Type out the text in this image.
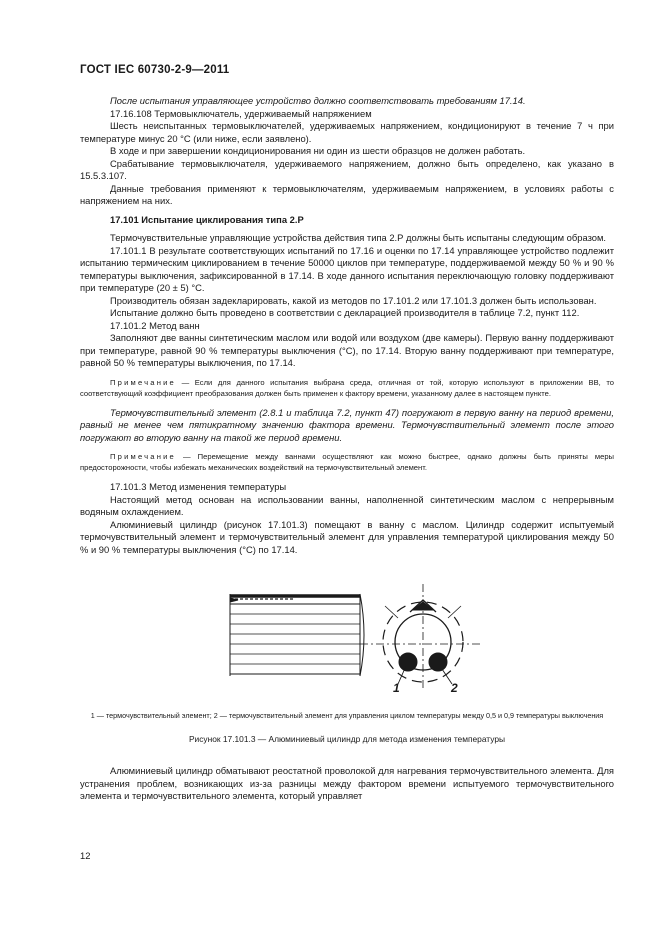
ГОСТ IEC 60730-2-9—2011

После испытания управляющее устройство должно соответствовать требованиям 17.14.

17.16.108 Термовыключатель, удерживаемый напряжением

Шесть неиспытанных термовыключателей, удерживаемых напряжением, кондиционируют в течение 7 ч при температуре минус 20 °С (или ниже, если заявлено).

В ходе и при завершении кондиционирования ни один из шести образцов не должен работать.

Срабатывание термовыключателя, удерживаемого напряжением, должно быть определено, как указано в 15.5.3.107.

Данные требования применяют к термовыключателям, удерживаемым напряжением, в условиях работы с напряжением на них.

17.101 Испытание циклирования типа 2.Р

Термочувствительные управляющие устройства действия типа 2.Р должны быть испытаны следующим образом.

17.101.1 В результате соответствующих испытаний по 17.16 и оценки по 17.14 управляющее устройство подлежит испытанию термическим циклированием в течение 50000 циклов при температуре, поддерживаемой между 50 % и 90 % температуры выключения, зафиксированной в 17.14. В ходе данного испытания переключающую головку поддерживают при температуре (20 ± 5) °С.

Производитель обязан задекларировать, какой из методов по 17.101.2 или 17.101.3 должен быть использован.

Испытание должно быть проведено в соответствии с декларацией производителя в таблице 7.2, пункт 112.

17.101.2 Метод ванн

Заполняют две ванны синтетическим маслом или водой или воздухом (две камеры). Первую ванну поддерживают при температуре, равной 90 % температуры выключения (°С), по 17.14. Вторую ванну поддерживают при температуре, равной 50 % температуры выключения, по 17.14.

Примечание — Если для данного испытания выбрана среда, отличная от той, которую используют в приложении ВВ, то соответствующий коэффициент преобразования должен быть применен к фактору времени, указанному далее в настоящем пункте.

Термочувствительный элемент (2.8.1 и таблица 7.2, пункт 47) погружают в первую ванну на период времени, равный не менее чем пятикратному значению фактора времени. Термочувствительный элемент после этого погружают во вторую ванну на такой же период времени.

Примечание — Перемещение между ваннами осуществляют как можно быстрее, однако должны быть приняты меры предосторожности, чтобы избежать механических воздействий на термочувствительный элемент.

17.101.3 Метод изменения температуры

Настоящий метод основан на использовании ванны, наполненной синтетическим маслом с непрерывным водяным охлаждением.

Алюминиевый цилиндр (рисунок 17.101.3) помещают в ванну с маслом. Цилиндр содержит испытуемый термочувствительный элемент и термочувствительный элемент для управления температурой циклирования между 50 % и 90 % температуры выключения (°С) по 17.14.

1	2

1 — термочувствительный элемент; 2 — термочувствительный элемент для управления циклом температуры между 0,5 и 0,9 температуры выключения

Рисунок 17.101.3 — Алюминиевый цилиндр для метода изменения температуры

Алюминиевый цилиндр обматывают реостатной проволокой для нагревания термочувствительного элемента. Для устранения проблем, возникающих из-за разницы между фактором времени испытуемого термочувствительного элемента и термочувствительного элемента, который управляет

12
